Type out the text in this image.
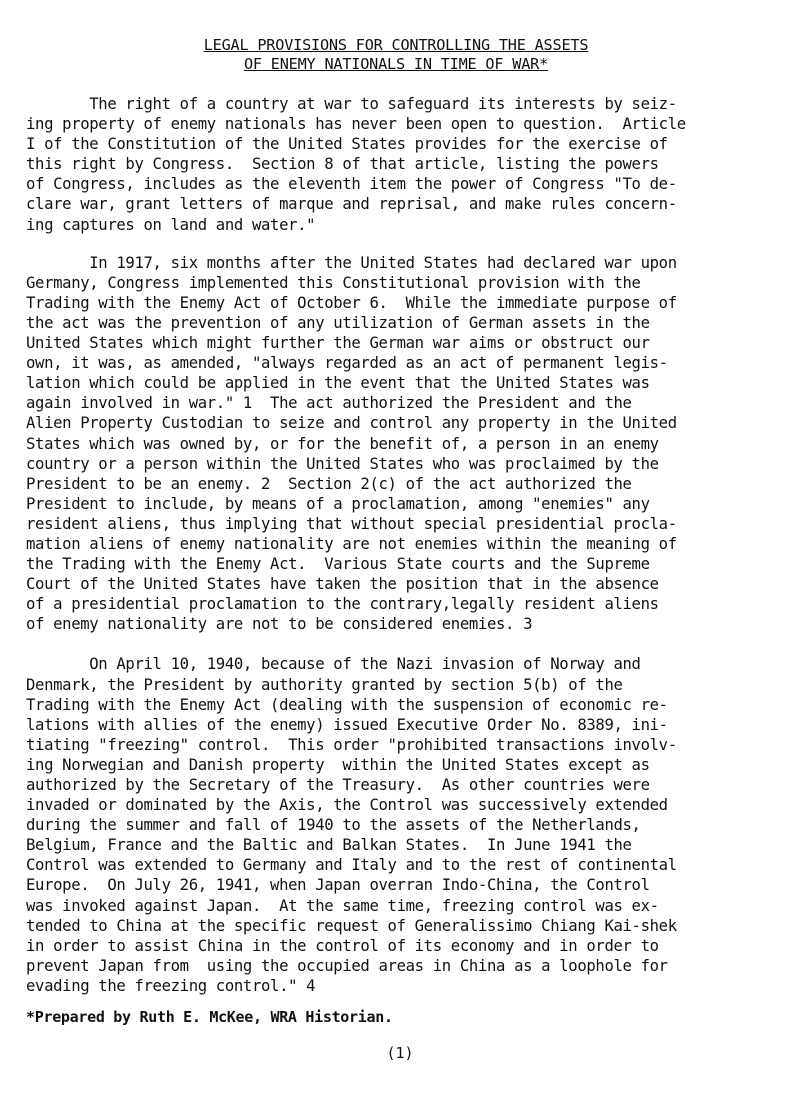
LEGAL PROVISIONS FOR CONTROLLING THE ASSETS
OF ENEMY NATIONALS IN TIME OF WAR*

The right of a country at war to safeguard its interests by seiz-
ing property of enemy nationals has never been open to question.  Article
I of the Constitution of the United States provides for the exercise of
this right by Congress.  Section 8 of that article, listing the powers
of Congress, includes as the eleventh item the power of Congress "To de-
clare war, grant letters of marque and reprisal, and make rules concern-
ing captures on land and water."

In 1917, six months after the United States had declared war upon
Germany, Congress implemented this Constitutional provision with the
Trading with the Enemy Act of October 6.  While the immediate purpose of
the act was the prevention of any utilization of German assets in the
United States which might further the German war aims or obstruct our
own, it was, as amended, "always regarded as an act of permanent legis-
lation which could be applied in the event that the United States was
again involved in war." 1  The act authorized the President and the
Alien Property Custodian to seize and control any property in the United
States which was owned by, or for the benefit of, a person in an enemy
country or a person within the United States who was proclaimed by the
President to be an enemy. 2  Section 2(c) of the act authorized the
President to include, by means of a proclamation, among "enemies" any
resident aliens, thus implying that without special presidential procla-
mation aliens of enemy nationality are not enemies within the meaning of
the Trading with the Enemy Act.  Various State courts and the Supreme
Court of the United States have taken the position that in the absence
of a presidential proclamation to the contrary,legally resident aliens
of enemy nationality are not to be considered enemies. 3

On April 10, 1940, because of the Nazi invasion of Norway and
Denmark, the President by authority granted by section 5(b) of the
Trading with the Enemy Act (dealing with the suspension of economic re-
lations with allies of the enemy) issued Executive Order No. 8389, ini-
tiating "freezing" control.  This order "prohibited transactions involv-
ing Norwegian and Danish property  within the United States except as
authorized by the Secretary of the Treasury.  As other countries were
invaded or dominated by the Axis, the Control was successively extended
during the summer and fall of 1940 to the assets of the Netherlands,
Belgium, France and the Baltic and Balkan States.  In June 1941 the
Control was extended to Germany and Italy and to the rest of continental
Europe.  On July 26, 1941, when Japan overran Indo-China, the Control
was invoked against Japan.  At the same time, freezing control was ex-
tended to China at the specific request of Generalissimo Chiang Kai-shek
in order to assist China in the control of its economy and in order to
prevent Japan from  using the occupied areas in China as a loophole for
evading the freezing control." 4

*Prepared by Ruth E. McKee, WRA Historian.
(1)
